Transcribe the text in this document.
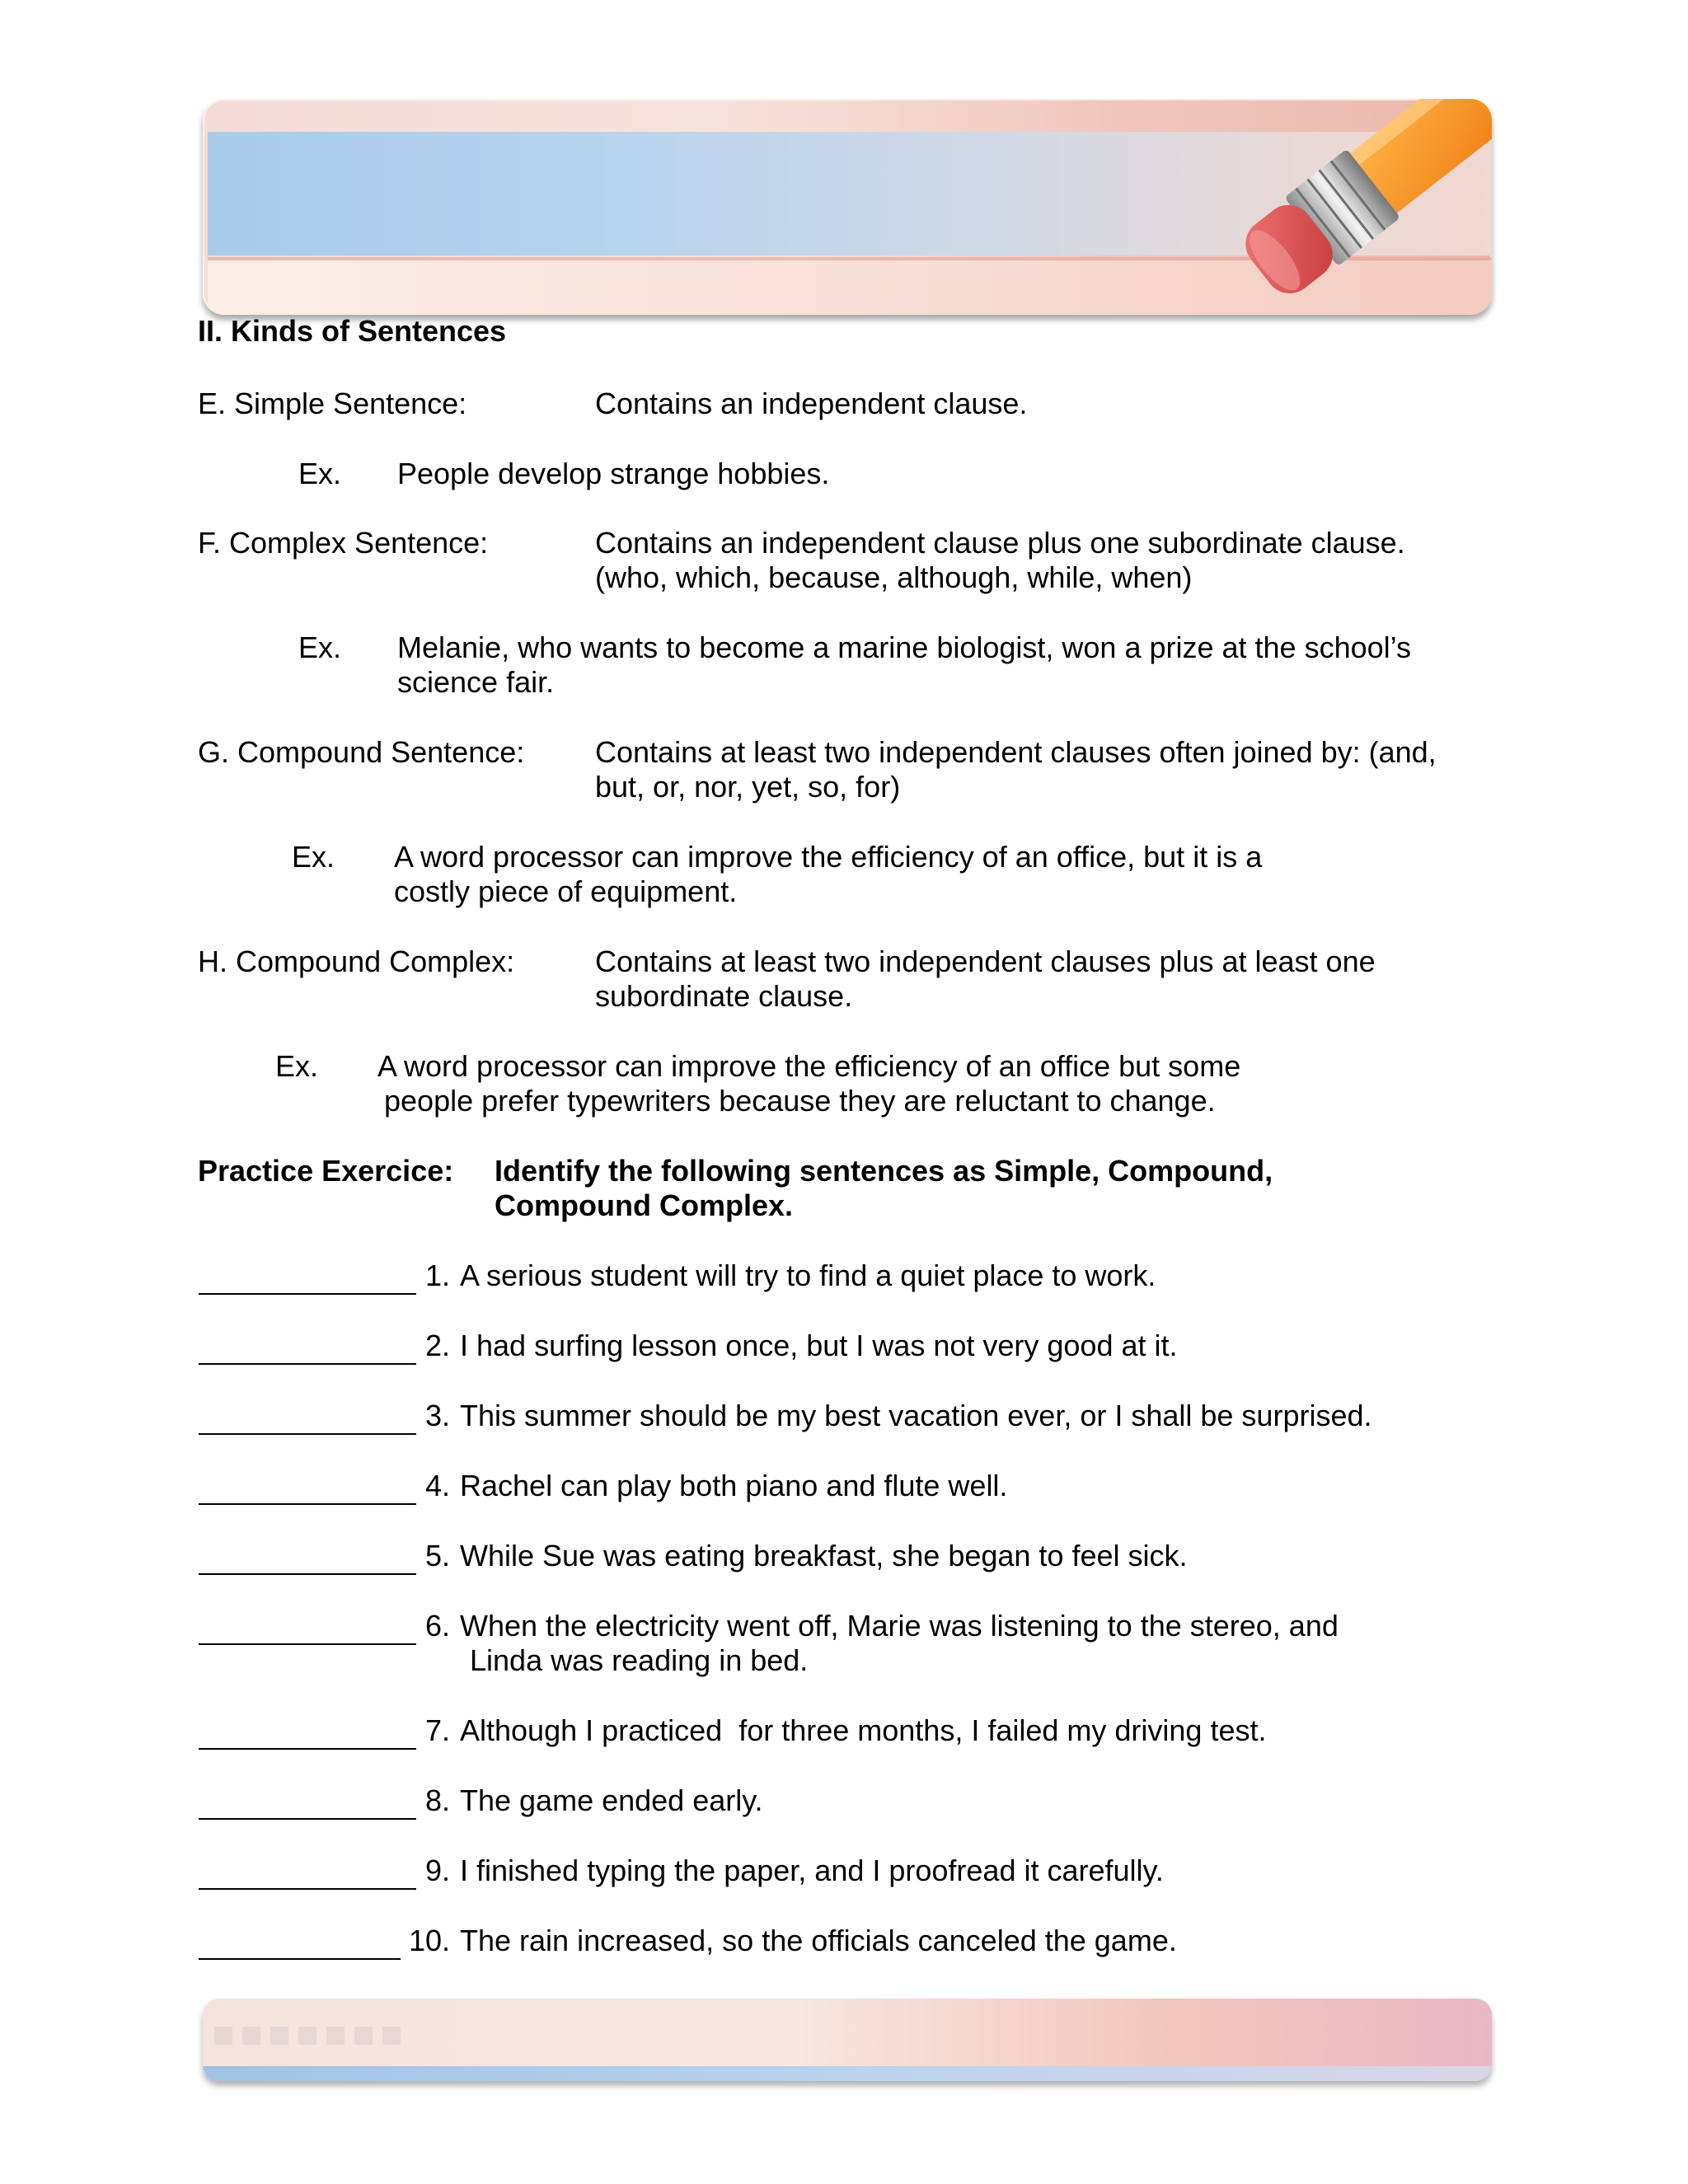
II. Kinds of Sentences
E. Simple Sentence:	Contains an independent clause.
Ex. People develop strange hobbies.
F. Complex Sentence:	Contains an independent clause plus one subordinate clause.
(who, which, because, although, while, when)
Ex. Melanie, who wants to become a marine biologist, won a prize at the school’s
science fair.
G. Compound Sentence: Contains at least two independent clauses often joined by: (and,
but, or, nor, yet, so, for)
Ex. A word processor can improve the efficiency of an office, but it is a
costly piece of equipment.
H. Compound Complex:	Contains at least two independent clauses plus at least one
subordinate clause.
Ex. A word processor can improve the efficiency of an office but some
people prefer typewriters because they are reluctant to change.
Practice Exercice: Identify the following sentences as Simple, Compound,
Compound Complex.
1. A serious student will try to find a quiet place to work.
2. I had surfing lesson once, but I was not very good at it.
3. This summer should be my best vacation ever, or I shall be surprised.
4. Rachel can play both piano and flute well.
5. While Sue was eating breakfast, she began to feel sick.
6. When the electricity went off, Marie was listening to the stereo, and
Linda was reading in bed.
7. Although I practiced  for three months, I failed my driving test.
8. The game ended early.
9. I finished typing the paper, and I proofread it carefully.
10. The rain increased, so the officials canceled the game.
